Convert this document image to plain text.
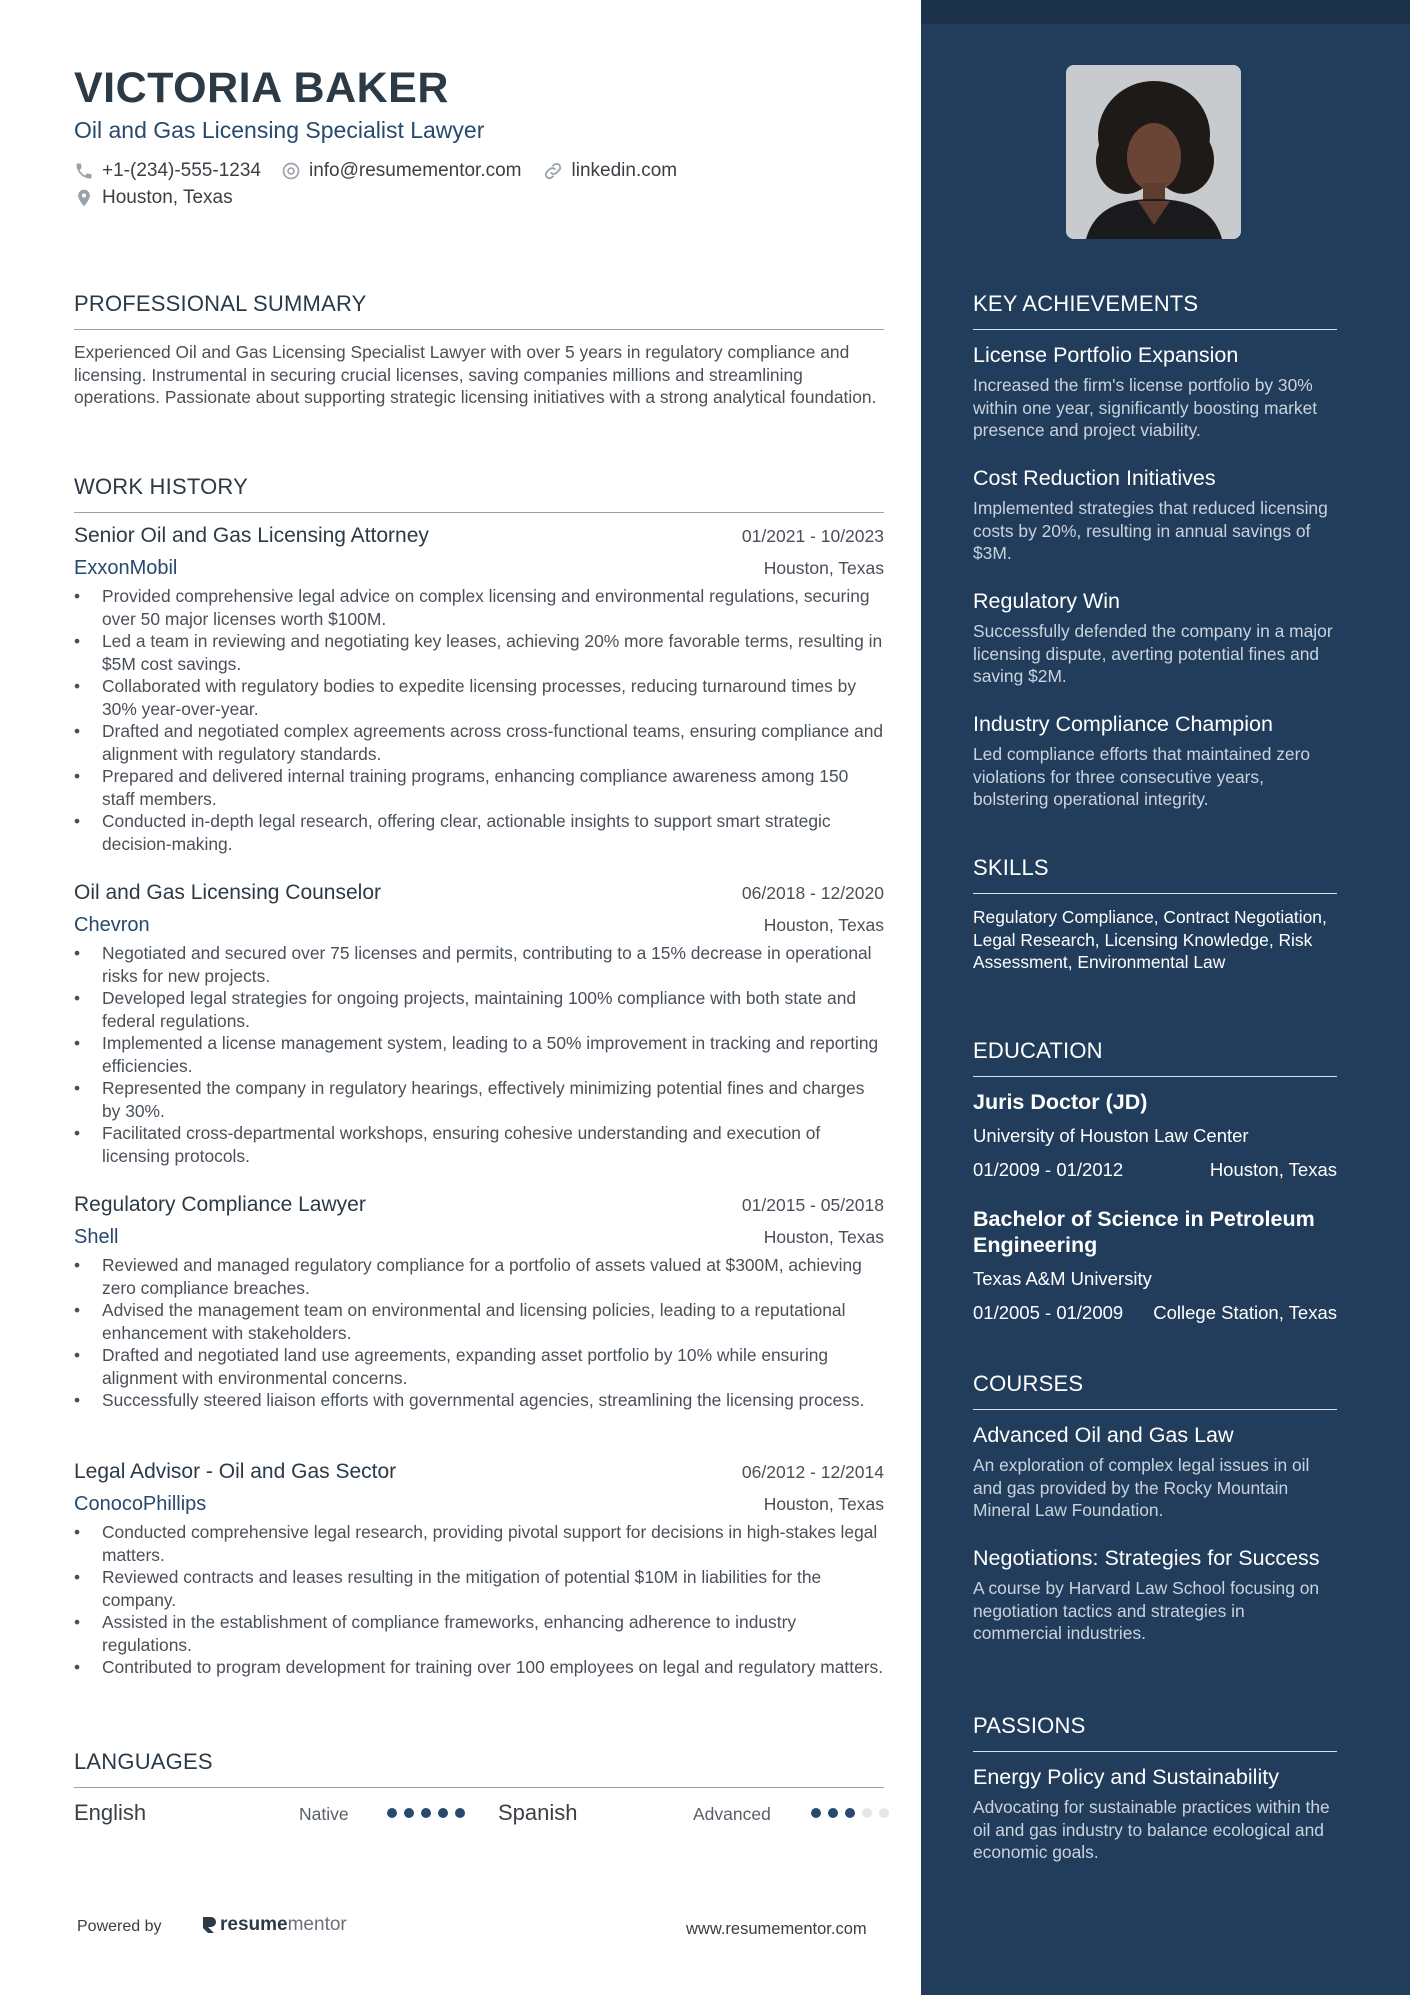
VICTORIA BAKER
Oil and Gas Licensing Specialist Lawyer
+1-(234)-555-1234	info@resumementor.com	linkedin.com
Houston, Texas
PROFESSIONAL SUMMARY
Experienced Oil and Gas Licensing Specialist Lawyer with over 5 years in regulatory compliance and licensing. Instrumental in securing crucial licenses, saving companies millions and streamlining operations. Passionate about supporting strategic licensing initiatives with a strong analytical foundation.
WORK HISTORY
Senior Oil and Gas Licensing Attorney	01/2021 - 10/2023
ExxonMobil	Houston, Texas
• Provided comprehensive legal advice on complex licensing and environmental regulations, securing over 50 major licenses worth $100M.
• Led a team in reviewing and negotiating key leases, achieving 20% more favorable terms, resulting in $5M cost savings.
• Collaborated with regulatory bodies to expedite licensing processes, reducing turnaround times by 30% year-over-year.
• Drafted and negotiated complex agreements across cross-functional teams, ensuring compliance and alignment with regulatory standards.
• Prepared and delivered internal training programs, enhancing compliance awareness among 150 staff members.
• Conducted in-depth legal research, offering clear, actionable insights to support smart strategic decision-making.
Oil and Gas Licensing Counselor	06/2018 - 12/2020
Chevron	Houston, Texas
• Negotiated and secured over 75 licenses and permits, contributing to a 15% decrease in operational risks for new projects.
• Developed legal strategies for ongoing projects, maintaining 100% compliance with both state and federal regulations.
• Implemented a license management system, leading to a 50% improvement in tracking and reporting efficiencies.
• Represented the company in regulatory hearings, effectively minimizing potential fines and charges by 30%.
• Facilitated cross-departmental workshops, ensuring cohesive understanding and execution of licensing protocols.
Regulatory Compliance Lawyer	01/2015 - 05/2018
Shell	Houston, Texas
• Reviewed and managed regulatory compliance for a portfolio of assets valued at $300M, achieving zero compliance breaches.
• Advised the management team on environmental and licensing policies, leading to a reputational enhancement with stakeholders.
• Drafted and negotiated land use agreements, expanding asset portfolio by 10% while ensuring alignment with environmental concerns.
• Successfully steered liaison efforts with governmental agencies, streamlining the licensing process.
Legal Advisor - Oil and Gas Sector	06/2012 - 12/2014
ConocoPhillips	Houston, Texas
• Conducted comprehensive legal research, providing pivotal support for decisions in high-stakes legal matters.
• Reviewed contracts and leases resulting in the mitigation of potential $10M in liabilities for the company.
• Assisted in the establishment of compliance frameworks, enhancing adherence to industry regulations.
• Contributed to program development for training over 100 employees on legal and regulatory matters.
LANGUAGES
English	Native	Spanish	Advanced
Powered by	resume mentor	www.resumementor.com
KEY ACHIEVEMENTS
License Portfolio Expansion
Increased the firm's license portfolio by 30% within one year, significantly boosting market presence and project viability.
Cost Reduction Initiatives
Implemented strategies that reduced licensing costs by 20%, resulting in annual savings of $3M.
Regulatory Win
Successfully defended the company in a major licensing dispute, averting potential fines and saving $2M.
Industry Compliance Champion
Led compliance efforts that maintained zero violations for three consecutive years, bolstering operational integrity.
SKILLS
Regulatory Compliance, Contract Negotiation, Legal Research, Licensing Knowledge, Risk Assessment, Environmental Law
EDUCATION
Juris Doctor (JD)
University of Houston Law Center
01/2009 - 01/2012	Houston, Texas
Bachelor of Science in Petroleum Engineering
Texas A&M University
01/2005 - 01/2009 College Station, Texas
COURSES
Advanced Oil and Gas Law
An exploration of complex legal issues in oil and gas provided by the Rocky Mountain Mineral Law Foundation.
Negotiations: Strategies for Success
A course by Harvard Law School focusing on negotiation tactics and strategies in commercial industries.
PASSIONS
Energy Policy and Sustainability
Advocating for sustainable practices within the oil and gas industry to balance ecological and economic goals.
